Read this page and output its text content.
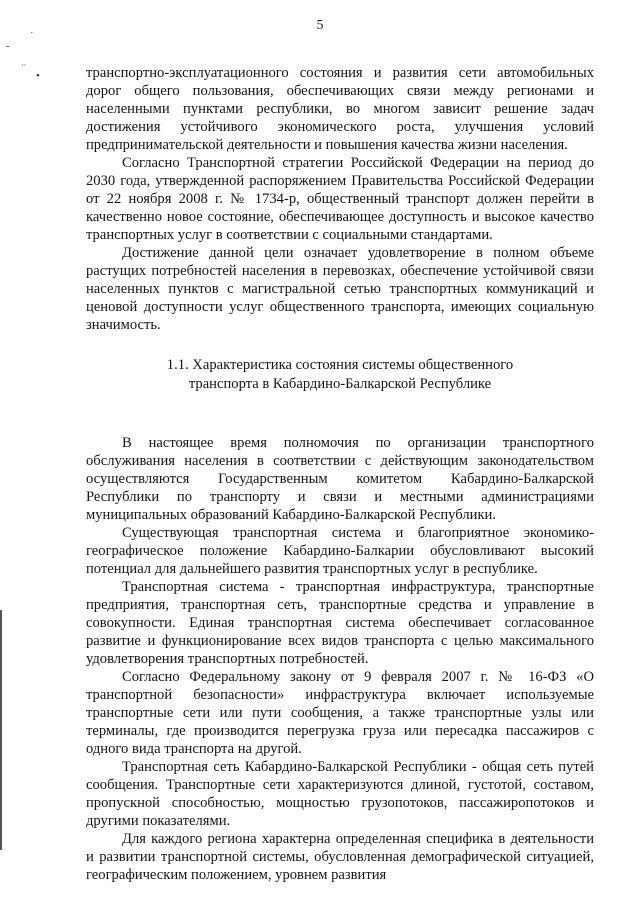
5
-
˙
¨
•	транспортно-эксплуатационного состояния и развития сети автомобильных дорог общего пользования, обеспечивающих связи между регионами и населенными пунктами республики, во многом зависит решение задач достижения устойчивого экономического роста, улучшения условий предпринимательской деятельности и повышения качества жизни населения.

Согласно Транспортной стратегии Российской Федерации на период до 2030 года, утвержденной распоряжением Правительства Российской Федерации от 22 ноября 2008 г. № 1734-р, общественный транспорт должен перейти в качественно новое состояние, обеспечивающее доступность и высокое качество транспортных услуг в соответствии с социальными стандартами.

Достижение данной цели означает удовлетворение в полном объеме растущих потребностей населения в перевозках, обеспечение устойчивой связи населенных пунктов с магистральной сетью транспортных коммуникаций и ценовой доступности услуг общественного транспорта, имеющих социальную значимость.

1.1. Характеристика состояния системы общественного
транспорта в Кабардино-Балкарской Республике

В настоящее время полномочия по организации транспортного обслуживания населения в соответствии с действующим законодательством осуществляются Государственным комитетом Кабардино-Балкарской Республики по транспорту и связи и местными администрациями муниципальных образований Кабардино-Балкарской Республики.

Существующая транспортная система и благоприятное экономико-географическое положение Кабардино-Балкарии обусловливают высокий потенциал для дальнейшего развития транспортных услуг в республике.

Транспортная система - транспортная инфраструктура, транспортные предприятия, транспортная сеть, транспортные средства и управление в совокупности. Единая транспортная система обеспечивает согласованное развитие и функционирование всех видов транспорта с целью максимального удовлетворения транспортных потребностей.

Согласно Федеральному закону от 9 февраля 2007 г. № 16-ФЗ «О транспортной безопасности» инфраструктура включает используемые транспортные сети или пути сообщения, а также транспортные узлы или терминалы, где производится перегрузка груза или пересадка пассажиров с одного вида транспорта на другой.

Транспортная сеть Кабардино-Балкарской Республики - общая сеть путей сообщения. Транспортные сети характеризуются длиной, густотой, составом, пропускной способностью, мощностью грузопотоков, пассажиропотоков и другими показателями.

Для каждого региона характерна определенная специфика в деятельности и развитии транспортной системы, обусловленная демографической ситуацией, географическим положением, уровнем развития
